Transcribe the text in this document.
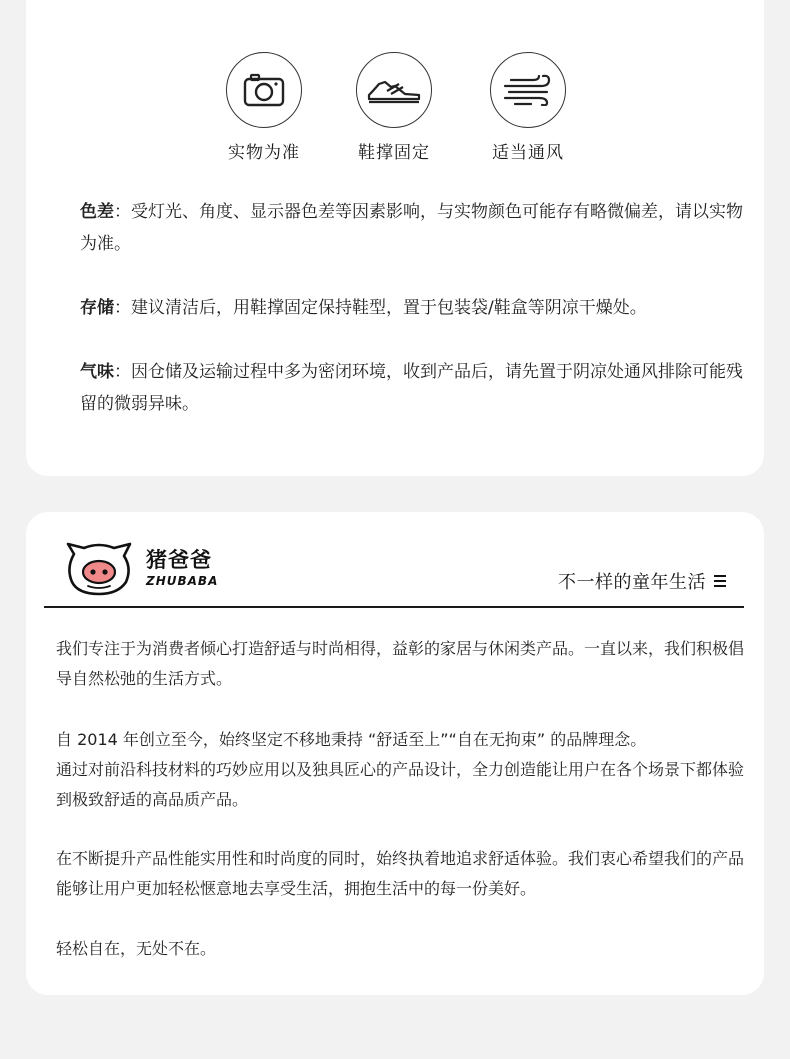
实物为准	鞋撑固定	适当通风
色差：受灯光、角度、显示器色差等因素影响，与实物颜色可能存有略微偏差，请以实物为准。
存储：建议清洁后，用鞋撑固定保持鞋型，置于包装袋/鞋盒等阴凉干燥处。
气味：因仓储及运输过程中多为密闭环境，收到产品后，请先置于阴凉处通风排除可能残留的微弱异味。
猪爸爸
ZHUBABA	不一样的童年生活
我们专注于为消费者倾心打造舒适与时尚相得，益彰的家居与休闲类产品。一直以来，我们积极倡导自然松弛的生活方式。
自 2014 年创立至今，始终坚定不移地秉持 “舒适至上”“自在无拘束” 的品牌理念。
通过对前沿科技材料的巧妙应用以及独具匠心的产品设计，全力创造能让用户在各个场景下都体验到极致舒适的高品质产品。
在不断提升产品性能实用性和时尚度的同时，始终执着地追求舒适体验。我们衷心希望我们的产品能够让用户更加轻松惬意地去享受生活，拥抱生活中的每一份美好。
轻松自在，无处不在。
